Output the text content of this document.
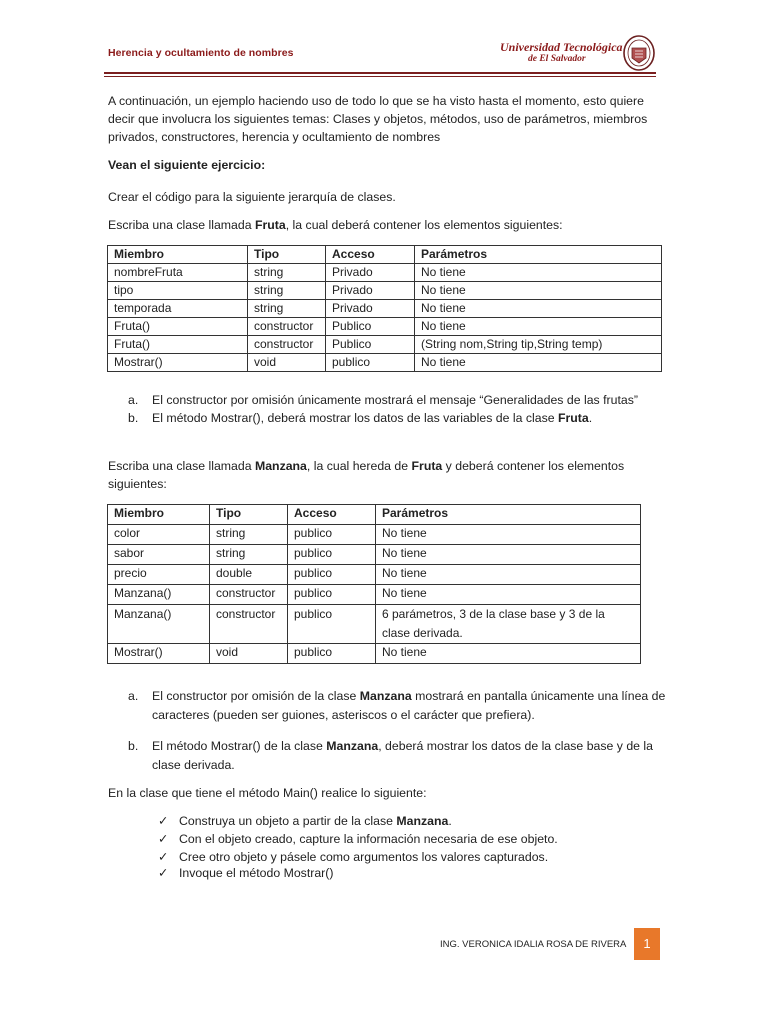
Herencia y ocultamiento de nombres	Universidad Tecnológica
de El Salvador

A continuación, un ejemplo haciendo uso de todo lo que se ha visto hasta el momento, esto quiere decir que involucra los siguientes temas: Clases y objetos, métodos, uso de parámetros, miembros privados, constructores, herencia y ocultamiento de nombres

Vean el siguiente ejercicio:

Crear el código para la siguiente jerarquía de clases.

Escriba una clase llamada Fruta, la cual deberá contener los elementos siguientes:

Miembro	Tipo	Acceso	Parámetros
nombreFruta	string	Privado	No tiene
tipo	string	Privado	No tiene
temporada	string	Privado	No tiene
Fruta()	constructor	Publico	No tiene
Fruta()	constructor	Publico	(String nom,String tip,String temp)
Mostrar()	void	publico	No tiene
a. El constructor por omisión únicamente mostrará el mensaje “Generalidades de las frutas”
b. El método Mostrar(), deberá mostrar los datos de las variables de la clase Fruta.

Escriba una clase llamada Manzana, la cual hereda de Fruta y deberá contener los elementos siguientes:

Miembro	Tipo	Acceso	Parámetros
color	string	publico	No tiene
sabor	string	publico	No tiene
precio	double	publico	No tiene
Manzana()	constructor	publico	No tiene
Manzana()	constructor	publico	6 parámetros, 3 de la clase base y 3 de la clase derivada.
Mostrar()	void	publico	No tiene
a. El constructor por omisión de la clase Manzana mostrará en pantalla únicamente una línea de caracteres (pueden ser guiones, asteriscos o el carácter que prefiera).
b. El método Mostrar() de la clase Manzana, deberá mostrar los datos de la clase base y de la clase derivada.

En la clase que tiene el método Main() realice lo siguiente:

✓ Construya un objeto a partir de la clase Manzana.
✓ Con el objeto creado, capture la información necesaria de ese objeto.
✓ Cree otro objeto y pásele como argumentos los valores capturados.
✓ Invoque el método Mostrar()
ING. VERONICA IDALIA ROSA DE RIVERA	1
